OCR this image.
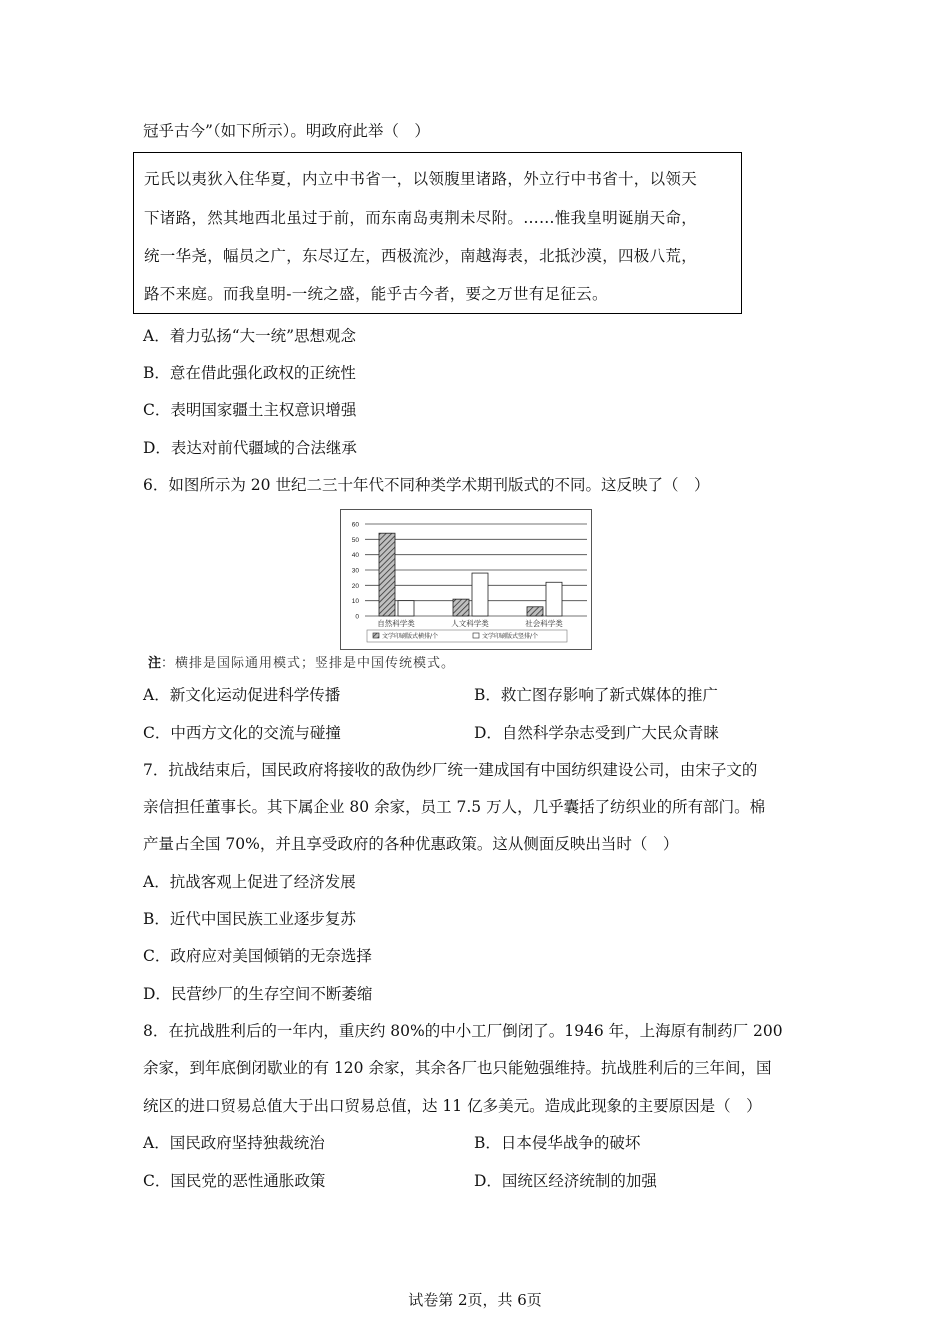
冠乎古今”（如下所示）。明政府此举（　）
元氏以夷狄入住华夏，内立中书省一，以领腹里诸路，外立行中书省十，以领天
下诸路，然其地西北虽过于前，而东南岛夷荆未尽附。……惟我皇明诞崩天命，
统一华尧，幅员之广，东尽辽左，西极流沙，南越海表，北抵沙漠，四极八荒，
路不来庭。而我皇明-一统之盛，能乎古今者，要之万世有足征云。
A．着力弘扬“大一统”思想观念
B．意在借此强化政权的正统性
C．表明国家疆土主权意识增强
D．表达对前代疆域的合法继承
6．如图所示为 20 世纪二三十年代不同种类学术期刊版式的不同。这反映了（　）
0
10
20
30
40
50
60
自然科学类	人文科学类	社会科学类
文学印刷版式横排/个	文学印刷版式竖排/个
注：横排是国际通用模式；竖排是中国传统模式。
A．新文化运动促进科学传播	B．救亡图存影响了新式媒体的推广
C．中西方文化的交流与碰撞	D．自然科学杂志受到广大民众青睐
7．抗战结束后，国民政府将接收的敌伪纱厂统一建成国有中国纺织建设公司，由宋子文的
亲信担任董事长。其下属企业 80 余家，员工 7.5 万人，几乎囊括了纺织业的所有部门。棉
产量占全国 70%，并且享受政府的各种优惠政策。这从侧面反映出当时（　）
A．抗战客观上促进了经济发展
B．近代中国民族工业逐步复苏
C．政府应对美国倾销的无奈选择
D．民营纱厂的生存空间不断萎缩
8．在抗战胜利后的一年内，重庆约 80%的中小工厂倒闭了。1946 年，上海原有制药厂 200
余家，到年底倒闭歇业的有 120 余家，其余各厂也只能勉强维持。抗战胜利后的三年间，国
统区的进口贸易总值大于出口贸易总值，达 11 亿多美元。造成此现象的主要原因是（　）
A．国民政府坚持独裁统治	B．日本侵华战争的破坏
C．国民党的恶性通胀政策	D．国统区经济统制的加强
试卷第 2页，共 6页
